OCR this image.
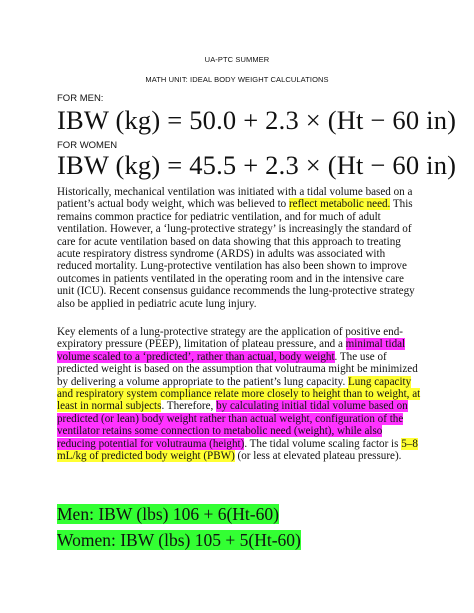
UA-PTC SUMMER
MATH UNIT: IDEAL BODY WEIGHT CALCULATIONS
FOR MEN:
IBW (kg) = 50.0 + 2.3 × (Ht − 60 in)
FOR WOMEN
IBW (kg) = 45.5 + 2.3 × (Ht − 60 in)
Historically, mechanical ventilation was initiated with a tidal volume based on a patient’s actual body weight, which was believed to reflect metabolic need. This remains common practice for pediatric ventilation, and for much of adult ventilation. However, a ‘lung-protective strategy’ is increasingly the standard of care for acute ventilation based on data showing that this approach to treating acute respiratory distress syndrome (ARDS) in adults was associated with reduced mortality. Lung-protective ventilation has also been shown to improve outcomes in patients ventilated in the operating room and in the intensive care unit (ICU). Recent consensus guidance recommends the lung-protective strategy also be applied in pediatric acute lung injury.
Key elements of a lung-protective strategy are the application of positive end-expiratory pressure (PEEP), limitation of plateau pressure, and a minimal tidal volume scaled to a ‘predicted’, rather than actual, body weight. The use of predicted weight is based on the assumption that volutrauma might be minimized by delivering a volume appropriate to the patient’s lung capacity. Lung capacity and respiratory system compliance relate more closely to height than to weight, at least in normal subjects. Therefore, by calculating initial tidal volume based on predicted (or lean) body weight rather than actual weight, configuration of the ventilator retains some connection to metabolic need (weight), while also reducing potential for volutrauma (height). The tidal volume scaling factor is 5–8 mL/kg of predicted body weight (PBW) (or less at elevated plateau pressure).
Men: IBW (lbs) 106 + 6(Ht-60)
Women: IBW (lbs) 105 + 5(Ht-60)
